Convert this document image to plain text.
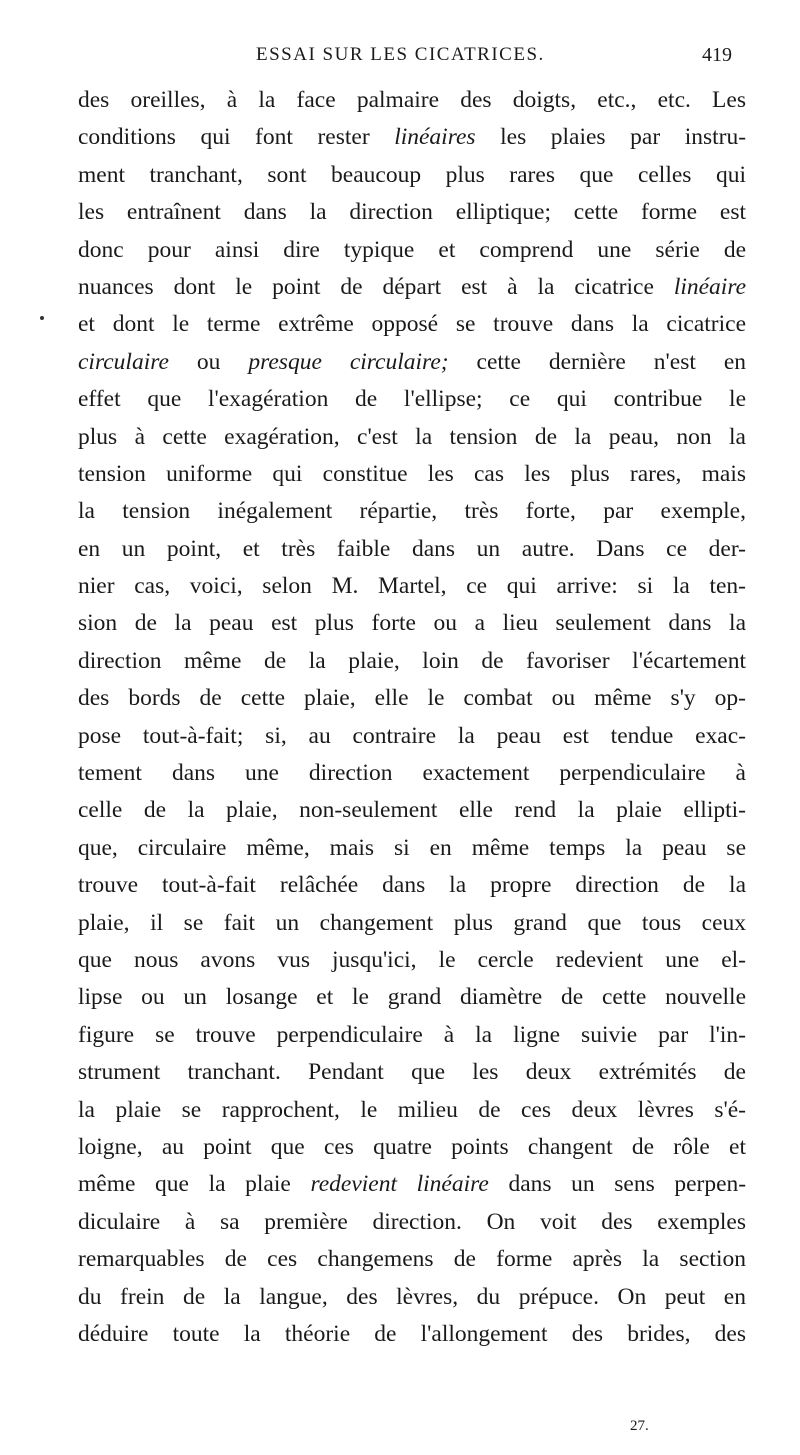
ESSAI SUR LES CICATRICES.	419
des oreilles, à la face palmaire des doigts, etc., etc. Les
conditions qui font rester linéaires les plaies par instru-
ment tranchant, sont beaucoup plus rares que celles qui
les entraînent dans la direction elliptique; cette forme est
donc pour ainsi dire typique et comprend une série de
nuances dont le point de départ est à la cicatrice linéaire
et dont le terme extrême opposé se trouve dans la cicatrice
circulaire ou presque circulaire; cette dernière n'est en
effet que l'exagération de l'ellipse; ce qui contribue le
plus à cette exagération, c'est la tension de la peau, non la
tension uniforme qui constitue les cas les plus rares, mais
la tension inégalement répartie, très forte, par exemple,
en un point, et très faible dans un autre. Dans ce der-
nier cas, voici, selon M. Martel, ce qui arrive: si la ten-
sion de la peau est plus forte ou a lieu seulement dans la
direction même de la plaie, loin de favoriser l'écartement
des bords de cette plaie, elle le combat ou même s'y op-
pose tout-à-fait; si, au contraire la peau est tendue exac-
tement dans une direction exactement perpendiculaire à
celle de la plaie, non-seulement elle rend la plaie ellipti-
que, circulaire même, mais si en même temps la peau se
trouve tout-à-fait relâchée dans la propre direction de la
plaie, il se fait un changement plus grand que tous ceux
que nous avons vus jusqu'ici, le cercle redevient une el-
lipse ou un losange et le grand diamètre de cette nouvelle
figure se trouve perpendiculaire à la ligne suivie par l'in-
strument tranchant. Pendant que les deux extrémités de
la plaie se rapprochent, le milieu de ces deux lèvres s'é-
loigne, au point que ces quatre points changent de rôle et
même que la plaie redevient linéaire dans un sens perpen-
diculaire à sa première direction. On voit des exemples
remarquables de ces changemens de forme après la section
du frein de la langue, des lèvres, du prépuce. On peut en
déduire toute la théorie de l'allongement des brides, des
27.
